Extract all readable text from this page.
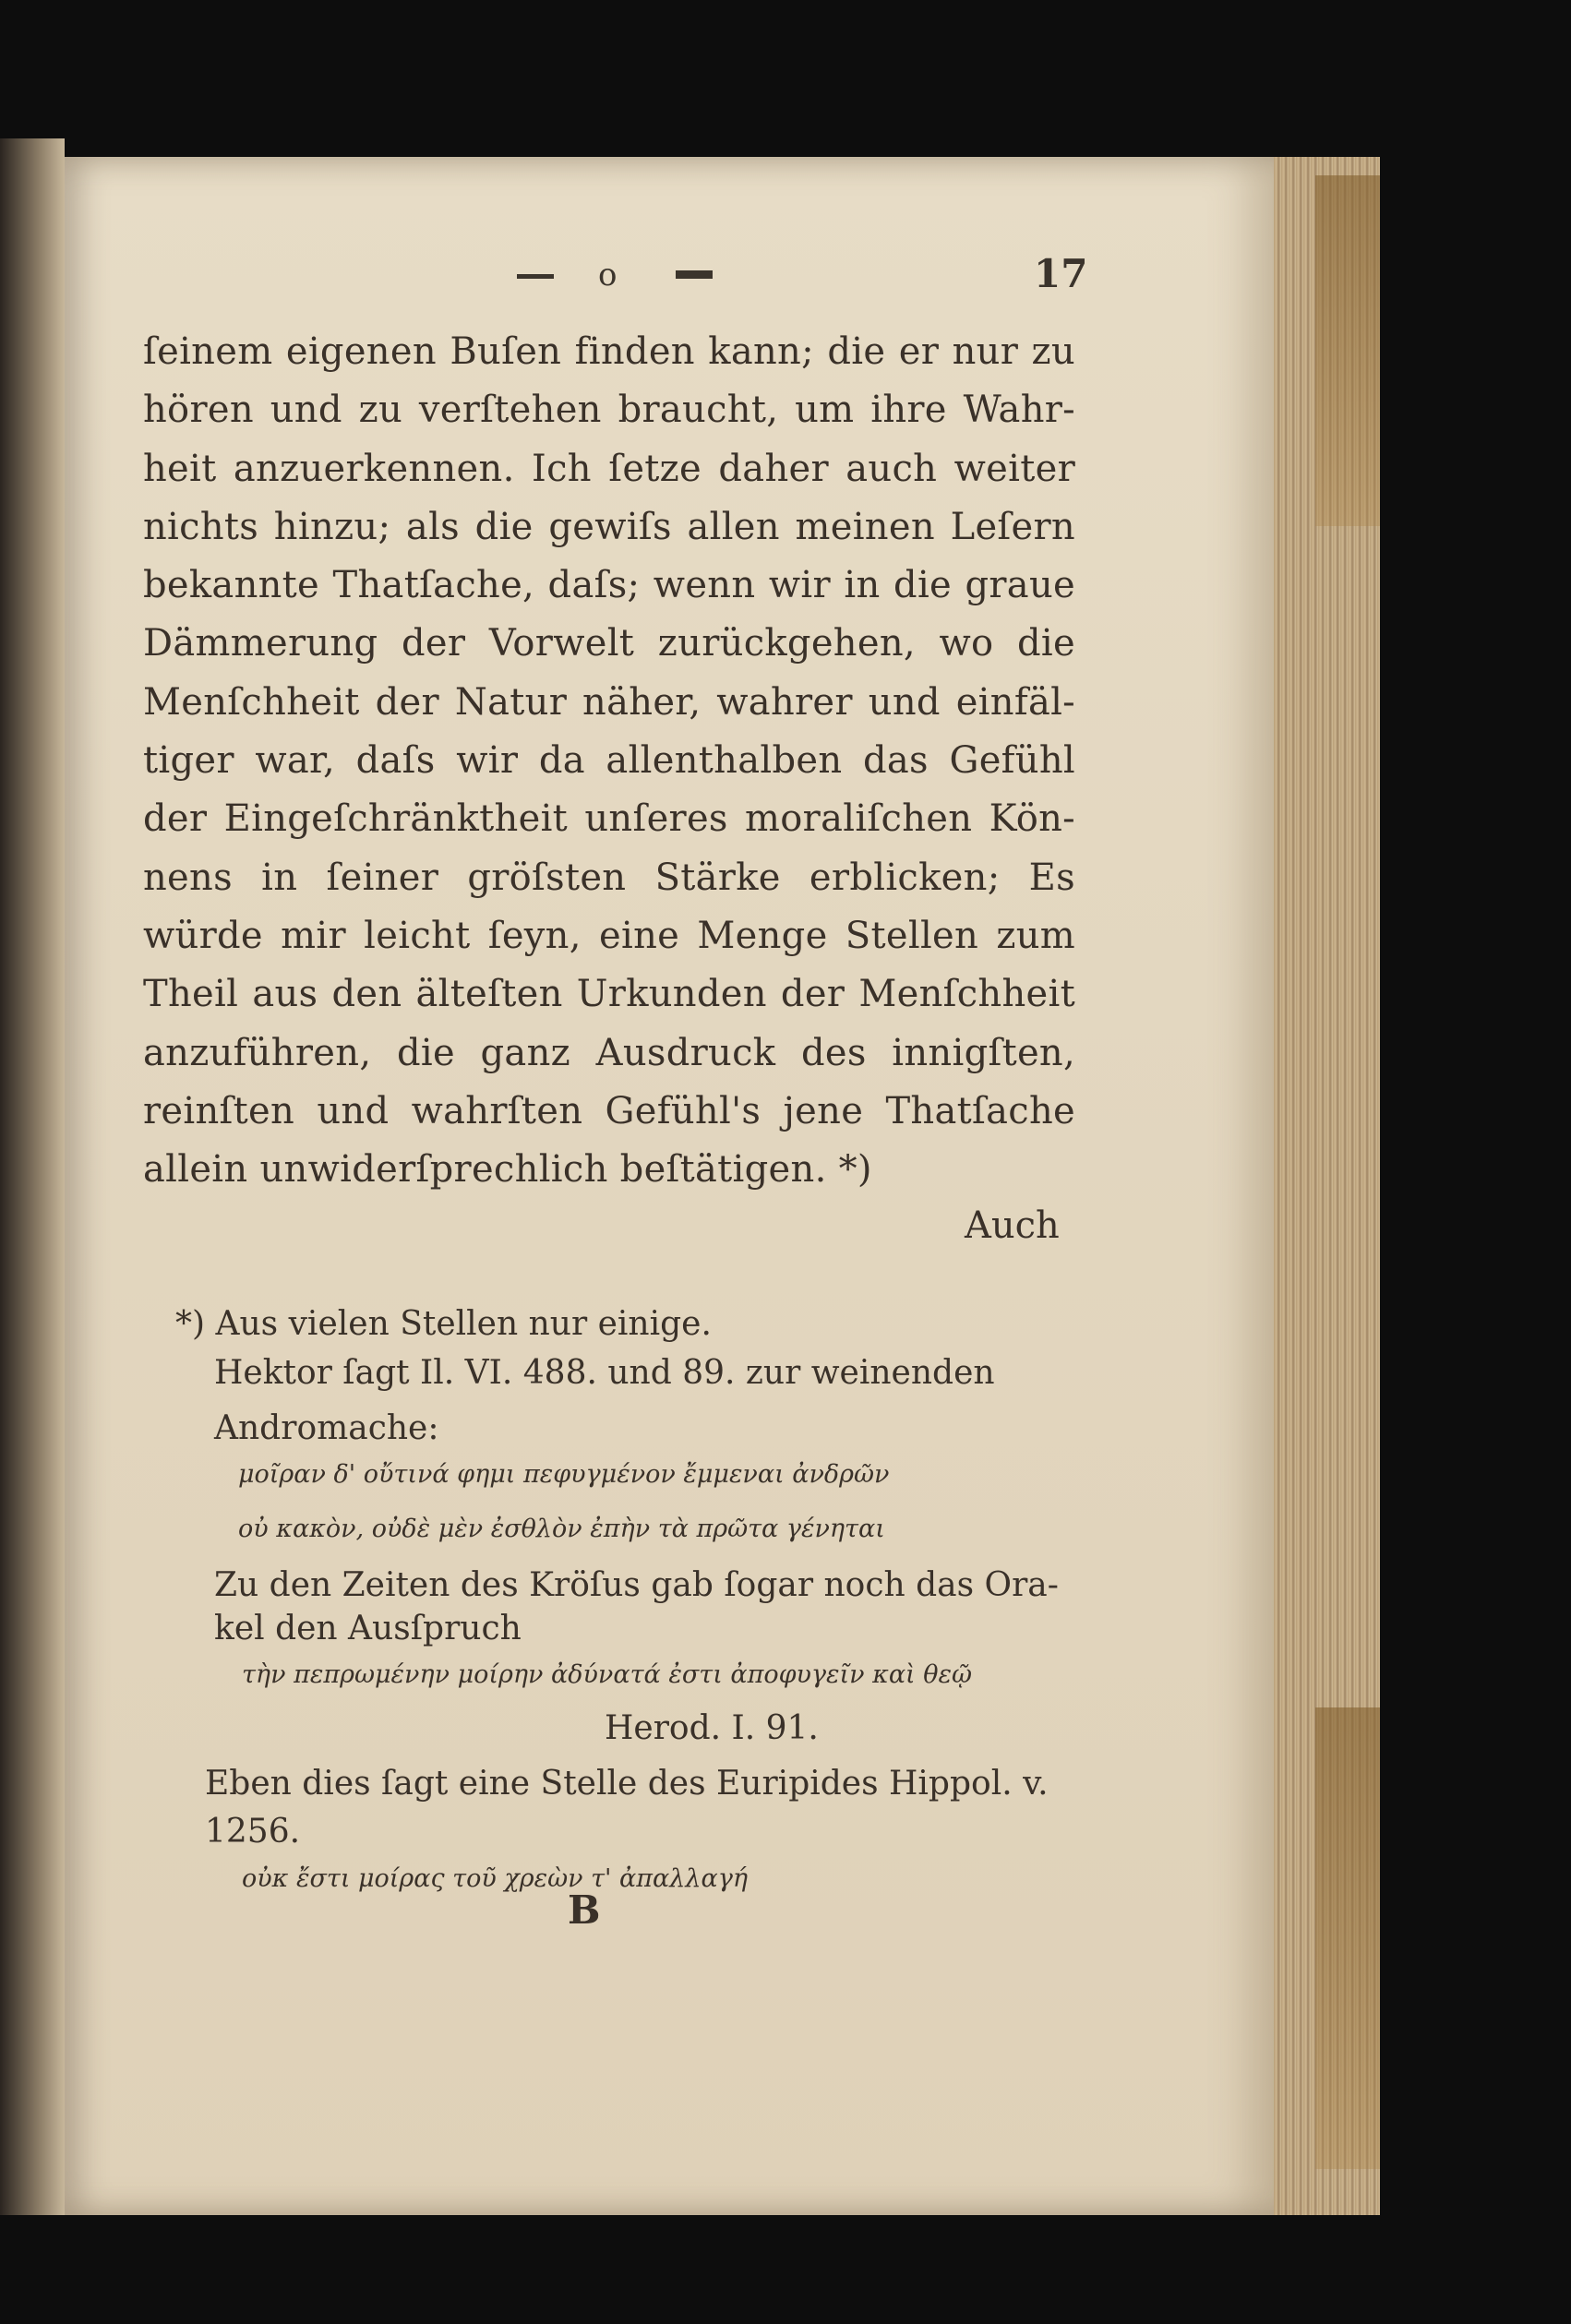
o	17
ſeinem eigenen Buſen finden kann; die er nur zu
hören und zu verſtehen braucht, um ihre Wahr-
heit anzuerkennen. Ich ſetze daher auch weiter
nichts hinzu; als die gewiſs allen meinen Leſern
bekannte Thatſache, daſs; wenn wir in die graue
Dämmerung der Vorwelt zurückgehen, wo die
Menſchheit der Natur näher, wahrer und einfäl-
tiger war, daſs wir da allenthalben das Gefühl
der Eingeſchränktheit unſeres moraliſchen Kön-
nens in ſeiner gröſsten Stärke erblicken; Es
würde mir leicht ſeyn, eine Menge Stellen zum
Theil aus den älteſten Urkunden der Menſchheit
anzuführen, die ganz Ausdruck des innigſten,
reinſten und wahrſten Gefühl's jene Thatſache
allein unwiderſprechlich beſtätigen. *)
Auch
*) Aus vielen Stellen nur einige.
Hektor ſagt Il. VI. 488. und 89. zur weinenden
Andromache:
μοῖραν δ' οὔτινά φημι πεφυγμένον ἔμμεναι ἀνδρῶν
οὐ κακὸν, οὐδὲ μὲν ἐσθλὸν ἐπὴν τὰ πρῶτα γένηται
Zu den Zeiten des Kröſus gab ſogar noch das Ora-
kel den Ausſpruch
τὴν πεπρωμένην μοίρην ἀδύνατά ἐστι ἀποφυγεῖν καὶ θεῷ
Herod. I. 91.
Eben dies ſagt eine Stelle des Euripides Hippol. v.
1256.
οὐκ ἔστι μοίρας τοῦ χρεὼν τ' ἀπαλλαγή
B
